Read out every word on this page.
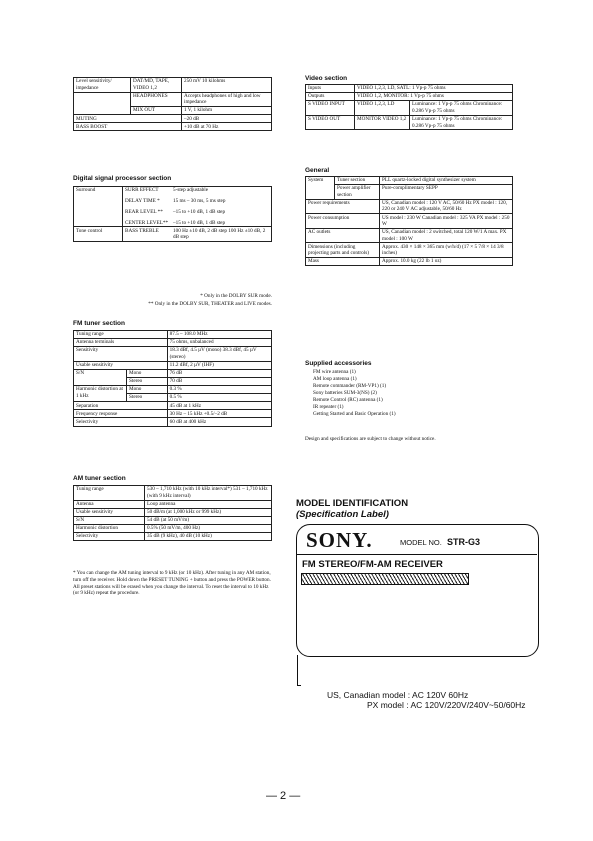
Level sensitivity/ impedance	DAT/MD, TAPE, VIDEO 1,2	250 mV 10 kilohms
	HEADPHONES	Accepts headphones of high and low impedance
	MIX OUT	1 V, 1 kilohm
MUTING		–20 dB
BASS BOOST		+10 dB at 70 Hz
Digital signal processor section
Surround	SURR EFFECT	5-step adjustable
	DELAY TIME *	15 ms – 30 ms, 5 ms step
	REAR LEVEL **	–15 to +10 dB, 1 dB step
	CENTER LEVEL**	–15 to +10 dB, 1 dB step
Tone control	BASS TREBLE	100 Hz ±10 dB, 2 dB step 100 Hz ±10 dB, 2 dB step
* Only in the DOLBY SUR mode.
** Only in the DOLBY SUR, THEATER and LIVE modes.
FM tuner section
Tuning range		87.5 – 108.0 MHz
Antenna terminals		75 ohms, unbalanced
Sensitivity		18.3 dBf, 4.5 µV (mono) 38.3 dBf, 45 µV (stereo)
Usable sensitivity		11.2 dBf, 2 µV (IHF)
S/N	Mono	76 dB
	Stereo	70 dB
Harmonic distortion at 1 kHz	Mono	0.3 %
	Stereo	0.5 %
Separation		45 dB at 1 kHz
Frequency response		30 Hz – 15 kHz +0.5/–2 dB
Selectivity		60 dB at 400 kHz
AM tuner section
Tuning range	530 – 1,710 kHz (with 10 kHz interval*) 531 – 1,710 kHz (with 9 kHz interval)
Antenna	Loop antenna
Usable sensitivity	50 dB/m (at 1,000 kHz or 999 kHz)
S/N	54 dB (at 50 mV/m)
Harmonic distortion	0.5% (50 mV/m, 400 Hz)
Selectivity	35 dB (9 kHz), 40 dB (10 kHz)
* You can change the AM tuning interval to 9 kHz (or 10 kHz). After tuning in any AM station, turn off the receiver. Hold down the PRESET TUNING + button and press the POWER button. All preset stations will be erased when you change the interval. To reset the interval to 10 kHz (or 9 kHz) repeat the procedure.
Video section
Inputs	VIDEO 1,2,3, LD, SATL: 1 Vp-p 75 ohms	
Outputs	VIDEO 1,2, MONITOR: 1 Vp-p 75 ohms	
S VIDEO INPUT	VIDEO 1,2,3, LD	Luminance: 1 Vp-p 75 ohms Chrominance: 0.286 Vp-p 75 ohms
S VIDEO OUT	MONITOR VIDEO 1,2	Luminance: 1 Vp-p 75 ohms Chrominance: 0.286 Vp-p 75 ohms
General
System	Tuner section	PLL quartz-locked digital synthesizer system
	Power amplifier section	Pure-complimentary SEPP
Power requirements		US, Canadian model : 120 V AC, 50/60 Hz PX model : 120, 220 or 240 V AC adjustable, 50/60 Hz
Power consumption		US model : 230 W Canadian model : 325 VA PX model : 250 W
AC outlets		US, Canadian model : 2 switched, total 120 W/1 A max. PX model : 100 W
Dimensions (including projecting parts and controls)		Approx. 430 × 148 × 365 mm (w/h/d) (17 × 5 7/8 × 14 3/8 inches)
Mass		Approx. 10.0 kg (22 lb 1 oz)
Supplied accessories
FM wire antenna (1)
AM loop antenna (1)
Remote commander (RM-VP1) (1)
Sony batteries SUM-3(NS) (2)
Remote Control (RC) antenna (1)
IR repeater (1)
Getting Started and Basic Operation (1)
Design and specifications are subject to change without notice.
MODEL IDENTIFICATION
(Specification Label)
SONY.	MODEL NO. STR-G3
FM STEREO/FM-AM RECEIVER
US, Canadian model : AC 120V 60Hz
PX model : AC 120V/220V/240V~50/60Hz
— 2 —
